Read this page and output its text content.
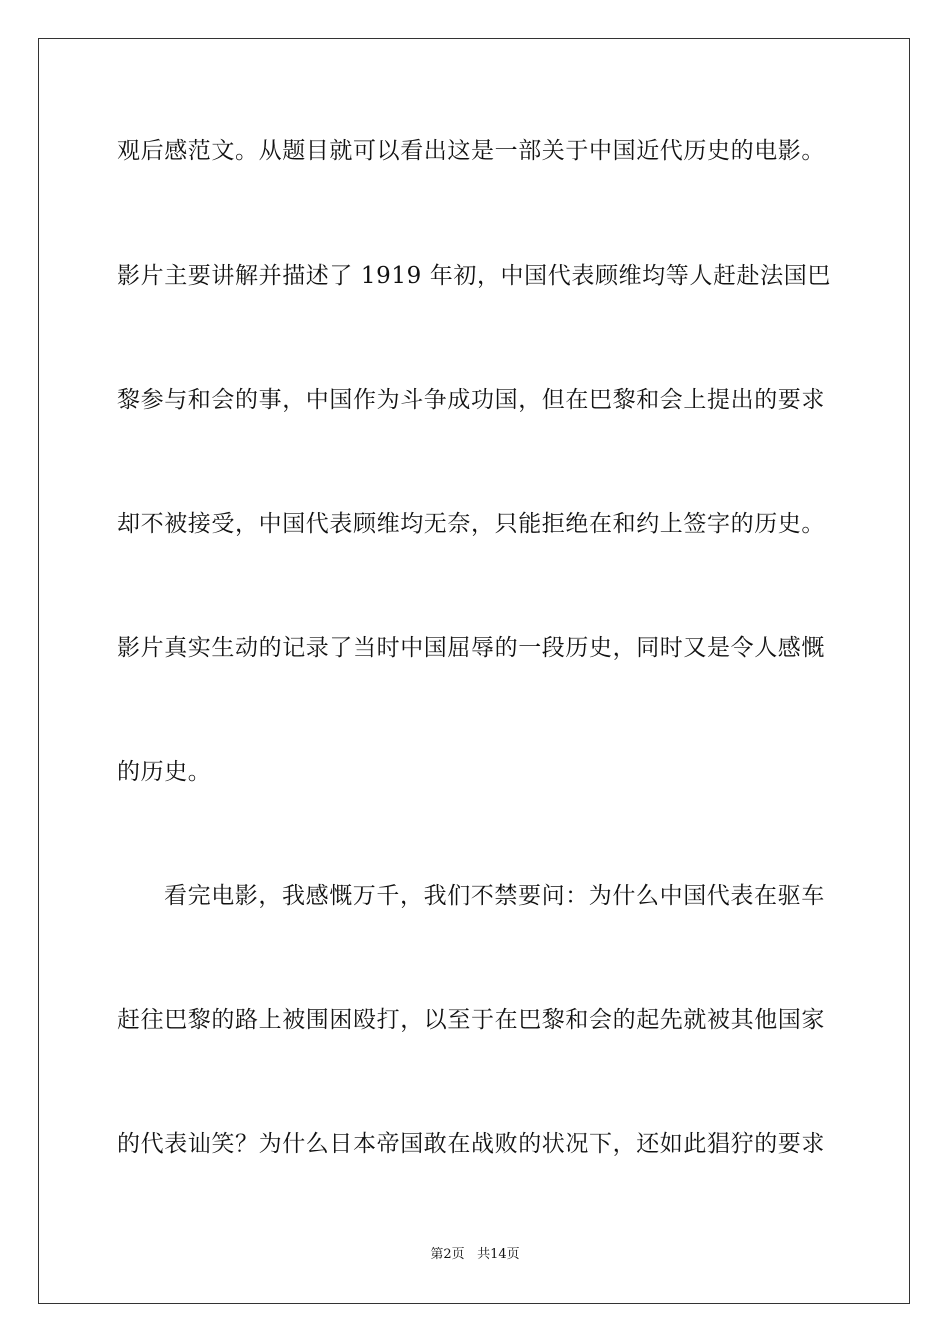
观后感范文。从题目就可以看出这是一部关于中国近代历史的电影。
影片主要讲解并描述了 1919 年初，中国代表顾维均等人赶赴法国巴
黎参与和会的事，中国作为斗争成功国，但在巴黎和会上提出的要求
却不被接受，中国代表顾维均无奈，只能拒绝在和约上签字的历史。
影片真实生动的记录了当时中国屈辱的一段历史，同时又是令人感慨
的历史。
看完电影，我感慨万千，我们不禁要问：为什么中国代表在驱车
赶往巴黎的路上被围困殴打，以至于在巴黎和会的起先就被其他国家
的代表讪笑？为什么日本帝国敢在战败的状况下，还如此猖狞的要求
第2页 共14页
